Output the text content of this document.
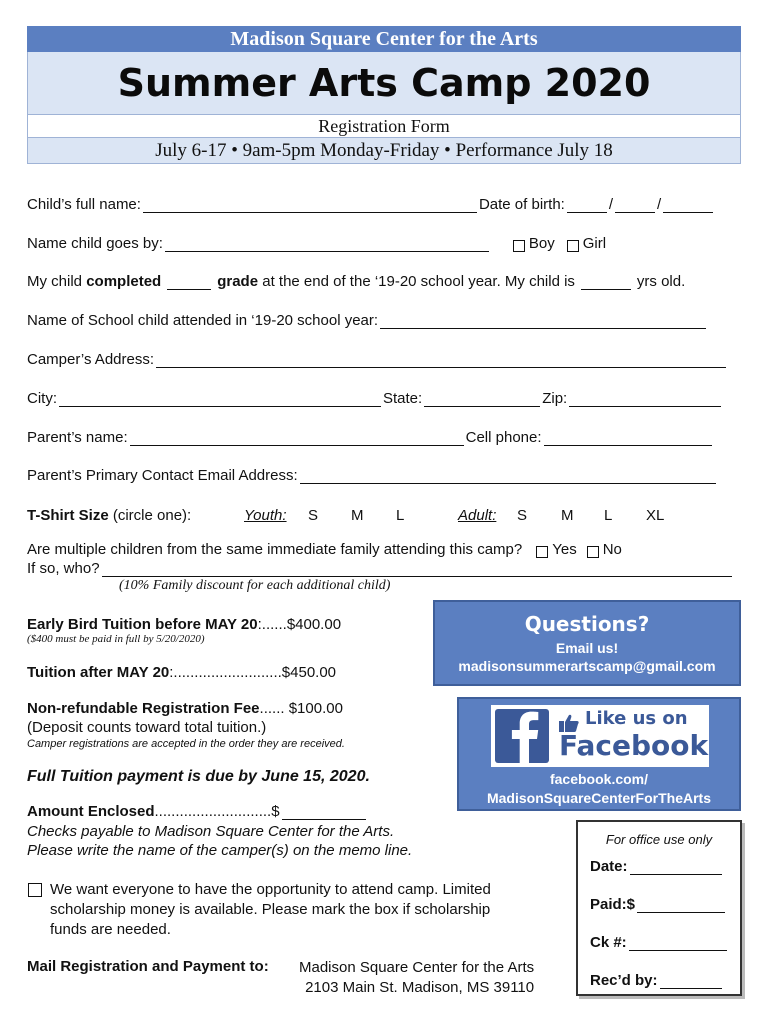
Madison Square Center for the Arts
Summer Arts Camp 2020
Registration Form
July 6-17 • 9am-5pm Monday-Friday • Performance July 18
Child’s full name:	Date of birth:	/	/
Name child goes by:	Boy Girl
My child
completed	grade
at the end of the ‘19-20 school year. My child is	yrs old.
Name of School child attended in ‘19-20 school year:
Camper’s Address:
City:	State:	Zip:
Parent’s name:	Cell phone:
Parent’s Primary Contact Email Address:
T-Shirt Size
(circle one):	Youth: S M L	Adult: S M L XL
Are multiple children from the same immediate family attending this camp? Yes No
If so, who?
(10% Family discount for each additional child)
Early Bird Tuition before MAY 20:......$400.00
($400 must be paid in full by 5/20/2020)
Tuition after MAY 20:..........................$450.00
Non-refundable Registration Fee...... $100.00
(Deposit counts toward total tuition.)
Camper registrations are accepted in the order they are received.
Full Tuition payment is due by June 15, 2020.
Amount Enclosed ............................$
Checks payable to Madison Square Center for the Arts.
Please write the name of the camper(s) on the memo line.
We want everyone to have the opportunity to attend camp. Limited
scholarship money is available. Please mark the box if scholarship
funds are needed.
Mail Registration and Payment to: Madison Square Center for the Arts
2103 Main St. Madison, MS 39110
Questions?
Email us!
madisonsummerartscamp@gmail.com
Like us on
Facebook
facebook.com/
MadisonSquareCenterForTheArts
For office use only
Date:
Paid:$
Ck #:
Rec’d by:
